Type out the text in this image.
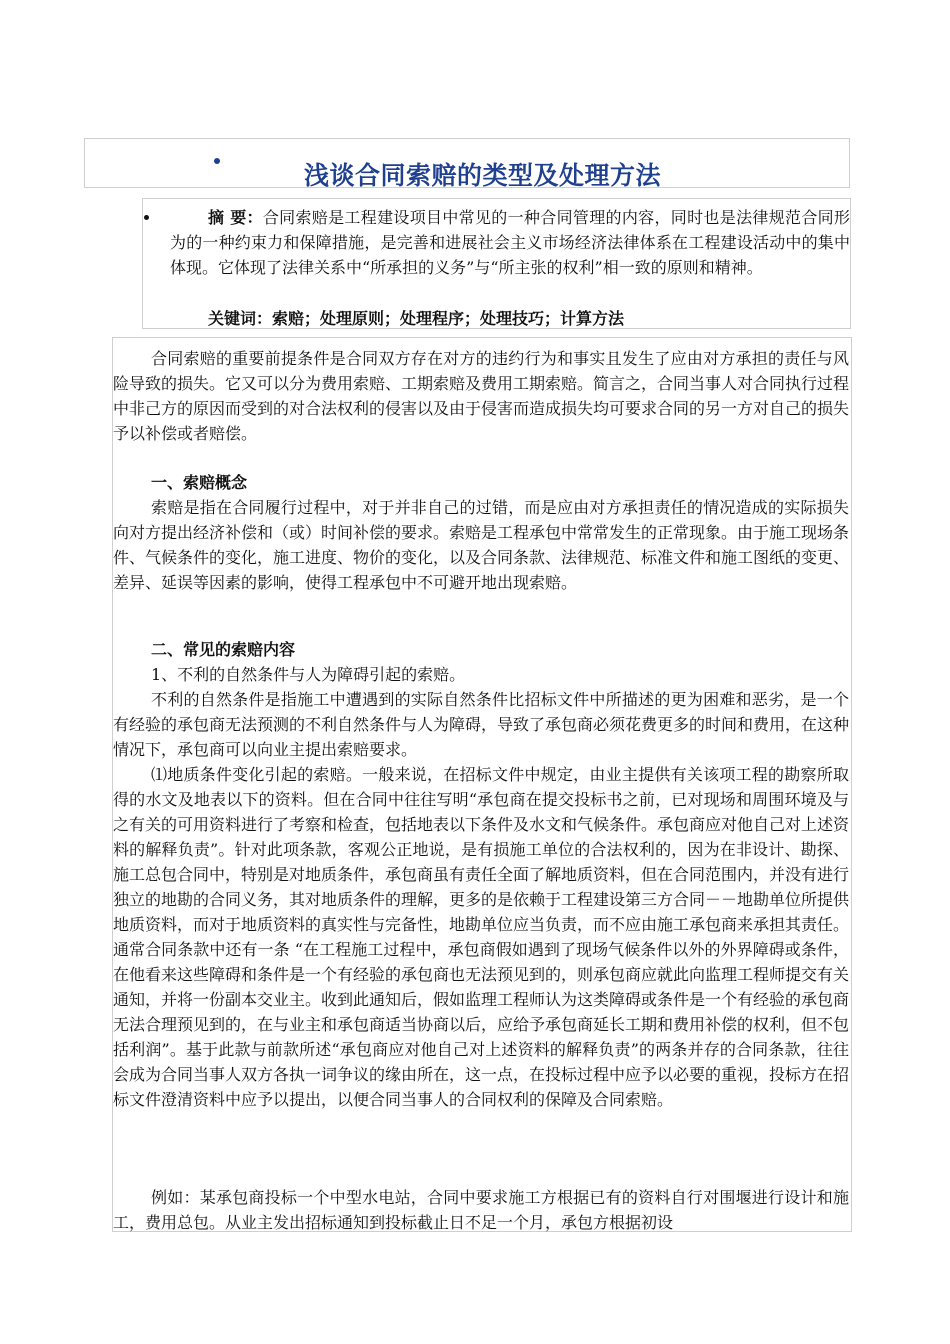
浅谈合同索赔的类型及处理方法

摘 要：合同索赔是工程建设项目中常见的一种合同管理的内容，同时也是法律规范合同形为的一种约束力和保障措施，是完善和进展社会主义市场经济法律体系在工程建设活动中的集中体现。它体现了法律关系中“所承担的义务”与“所主张的权利”相一致的原则和精神。

关键词：索赔；处理原则；处理程序；处理技巧；计算方法

合同索赔的重要前提条件是合同双方存在对方的违约行为和事实且发生了应由对方承担的责任与风险导致的损失。它又可以分为费用索赔、工期索赔及费用工期索赔。简言之，合同当事人对合同执行过程中非己方的原因而受到的对合法权利的侵害以及由于侵害而造成损失均可要求合同的另一方对自己的损失予以补偿或者赔偿。

一、索赔概念

索赔是指在合同履行过程中，对于并非自己的过错，而是应由对方承担责任的情况造成的实际损失向对方提出经济补偿和（或）时间补偿的要求。索赔是工程承包中常常发生的正常现象。由于施工现场条件、气候条件的变化，施工进度、物价的变化，以及合同条款、法律规范、标准文件和施工图纸的变更、差异、延误等因素的影响，使得工程承包中不可避开地出现索赔。

二、常见的索赔内容

1、不利的自然条件与人为障碍引起的索赔。

不利的自然条件是指施工中遭遇到的实际自然条件比招标文件中所描述的更为困难和恶劣，是一个有经验的承包商无法预测的不利自然条件与人为障碍，导致了承包商必须花费更多的时间和费用，在这种情况下，承包商可以向业主提出索赔要求。

⑴地质条件变化引起的索赔。一般来说，在招标文件中规定，由业主提供有关该项工程的勘察所取得的水文及地表以下的资料。但在合同中往往写明“承包商在提交投标书之前，已对现场和周围环境及与之有关的可用资料进行了考察和检查，包括地表以下条件及水文和气候条件。承包商应对他自己对上述资料的解释负责”。针对此项条款，客观公正地说，是有损施工单位的合法权利的，因为在非设计、勘探、施工总包合同中，特别是对地质条件，承包商虽有责任全面了解地质资料，但在合同范围内，并没有进行独立的地勘的合同义务，其对地质条件的理解，更多的是依赖于工程建设第三方合同－－地勘单位所提供地质资料，而对于地质资料的真实性与完备性，地勘单位应当负责，而不应由施工承包商来承担其责任。通常合同条款中还有一条 “在工程施工过程中，承包商假如遇到了现场气候条件以外的外界障碍或条件，在他看来这些障碍和条件是一个有经验的承包商也无法预见到的，则承包商应就此向监理工程师提交有关通知，并将一份副本交业主。收到此通知后，假如监理工程师认为这类障碍或条件是一个有经验的承包商无法合理预见到的，在与业主和承包商适当协商以后，应给予承包商延长工期和费用补偿的权利，但不包括利润”。基于此款与前款所述“承包商应对他自己对上述资料的解释负责”的两条并存的合同条款，往往会成为合同当事人双方各执一词争议的缘由所在，这一点，在投标过程中应予以必要的重视，投标方在招标文件澄清资料中应予以提出，以便合同当事人的合同权利的保障及合同索赔。

例如：某承包商投标一个中型水电站，合同中要求施工方根据已有的资料自行对围堰进行设计和施工，费用总包。从业主发出招标通知到投标截止日不足一个月，承包方根据初设
